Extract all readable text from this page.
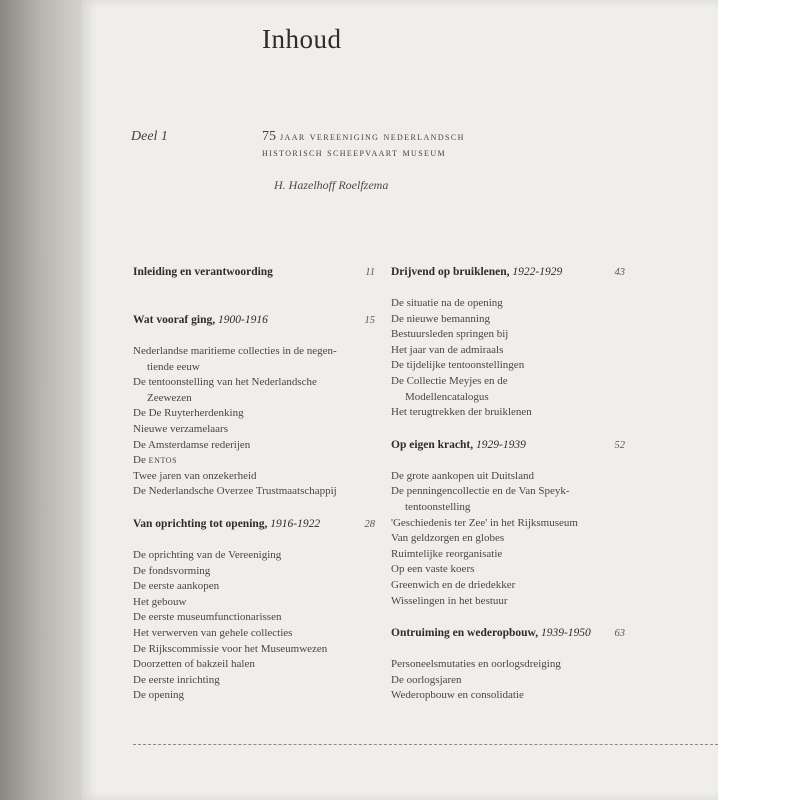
Inhoud
Deel 1	75 jaar vereeniging nederlandsch
historisch scheepvaart museum
H. Hazelhoff Roelfzema
Inleiding en verantwoording	11
Wat vooraf ging, 1900-1916	15
Nederlandse maritieme collecties in de negen-
tiende eeuw
De tentoonstelling van het Nederlandsche
Zeewezen
De De Ruyterherdenking
Nieuwe verzamelaars
De Amsterdamse rederijen
De entos
Twee jaren van onzekerheid
De Nederlandsche Overzee Trustmaatschappij
Van oprichting tot opening, 1916-1922	28
De oprichting van de Vereeniging
De fondsvorming
De eerste aankopen
Het gebouw
De eerste museumfunctionarissen
Het verwerven van gehele collecties
De Rijkscommissie voor het Museumwezen
Doorzetten of bakzeil halen
De eerste inrichting
De opening
Drijvend op bruiklenen, 1922-1929	43
De situatie na de opening
De nieuwe bemanning
Bestuursleden springen bij
Het jaar van de admiraals
De tijdelijke tentoonstellingen
De Collectie Meyjes en de
Modellencatalogus
Het terugtrekken der bruiklenen
Op eigen kracht, 1929-1939	52
De grote aankopen uit Duitsland
De penningencollectie en de Van Speyk-
tentoonstelling
'Geschiedenis ter Zee' in het Rijksmuseum
Van geldzorgen en globes
Ruimtelijke reorganisatie
Op een vaste koers
Greenwich en de driedekker
Wisselingen in het bestuur
Ontruiming en wederopbouw, 1939-1950 63
Personeelsmutaties en oorlogsdreiging
De oorlogsjaren
Wederopbouw en consolidatie
